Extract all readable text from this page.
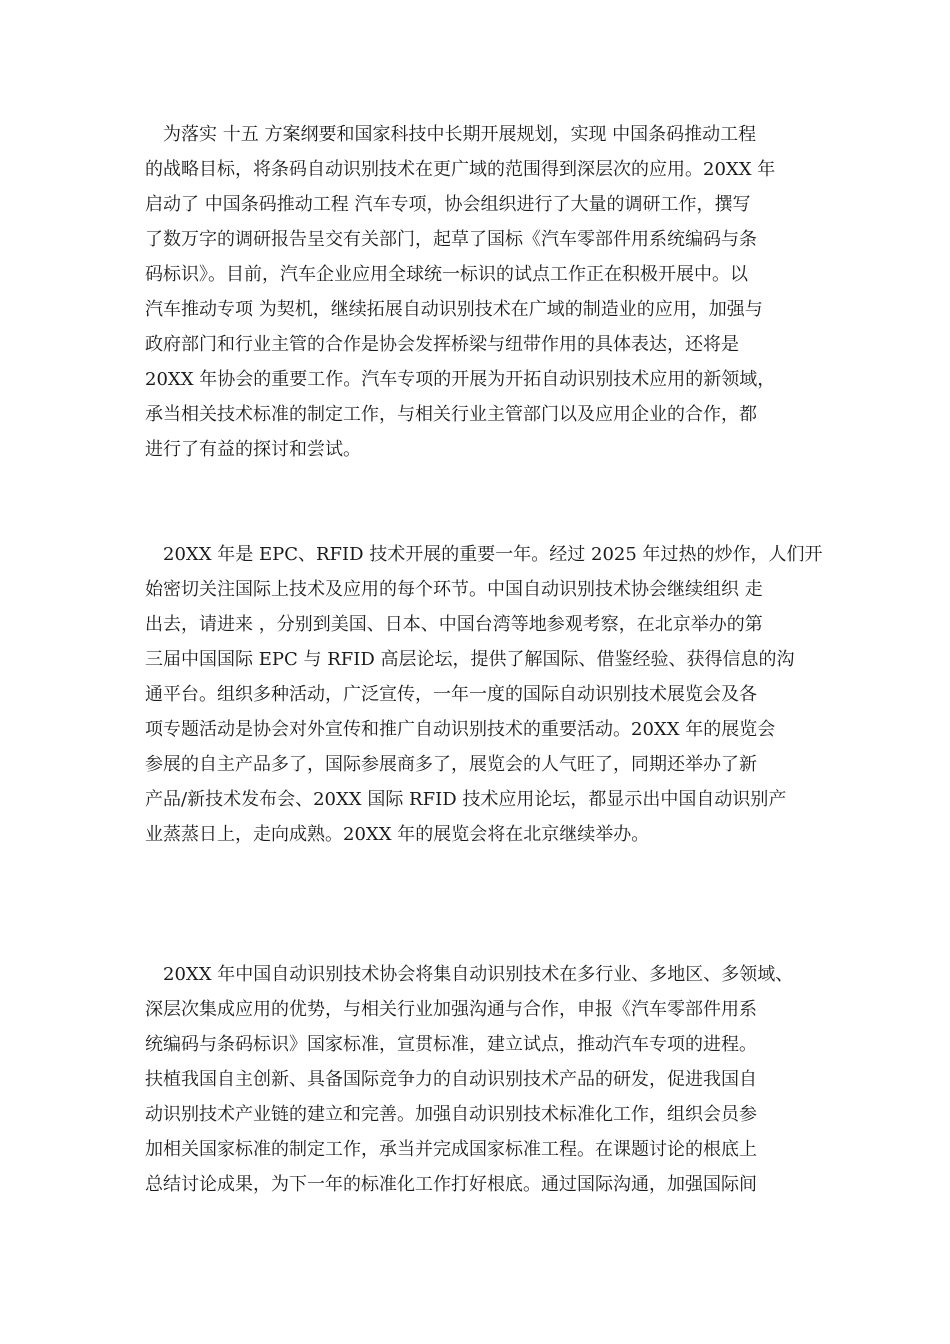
为落实 十五 方案纲要和国家科技中长期开展规划，实现 中国条码推动工程
的战略目标，将条码自动识别技术在更广域的范围得到深层次的应用。20XX 年
启动了 中国条码推动工程 汽车专项，协会组织进行了大量的调研工作，撰写
了数万字的调研报告呈交有关部门，起草了国标《汽车零部件用系统编码与条
码标识》。目前，汽车企业应用全球统一标识的试点工作正在积极开展中。以
汽车推动专项 为契机，继续拓展自动识别技术在广域的制造业的应用，加强与
政府部门和行业主管的合作是协会发挥桥梁与纽带作用的具体表达，还将是
20XX 年协会的重要工作。汽车专项的开展为开拓自动识别技术应用的新领域，
承当相关技术标准的制定工作，与相关行业主管部门以及应用企业的合作，都
进行了有益的探讨和尝试。
20XX 年是 EPC、RFID 技术开展的重要一年。经过 2025 年过热的炒作，人们开
始密切关注国际上技术及应用的每个环节。中国自动识别技术协会继续组织 走
出去，请进来 ，分别到美国、日本、中国台湾等地参观考察，在北京举办的第
三届中国国际 EPC 与 RFID 高层论坛，提供了解国际、借鉴经验、获得信息的沟
通平台。组织多种活动，广泛宣传，一年一度的国际自动识别技术展览会及各
项专题活动是协会对外宣传和推广自动识别技术的重要活动。20XX 年的展览会
参展的自主产品多了，国际参展商多了，展览会的人气旺了，同期还举办了新
产品/新技术发布会、20XX 国际 RFID 技术应用论坛，都显示出中国自动识别产
业蒸蒸日上，走向成熟。20XX 年的展览会将在北京继续举办。
20XX 年中国自动识别技术协会将集自动识别技术在多行业、多地区、多领域、
深层次集成应用的优势，与相关行业加强沟通与合作，申报《汽车零部件用系
统编码与条码标识》国家标准，宣贯标准，建立试点，推动汽车专项的进程。
扶植我国自主创新、具备国际竞争力的自动识别技术产品的研发，促进我国自
动识别技术产业链的建立和完善。加强自动识别技术标准化工作，组织会员参
加相关国家标准的制定工作，承当并完成国家标准工程。在课题讨论的根底上
总结讨论成果，为下一年的标准化工作打好根底。通过国际沟通，加强国际间
